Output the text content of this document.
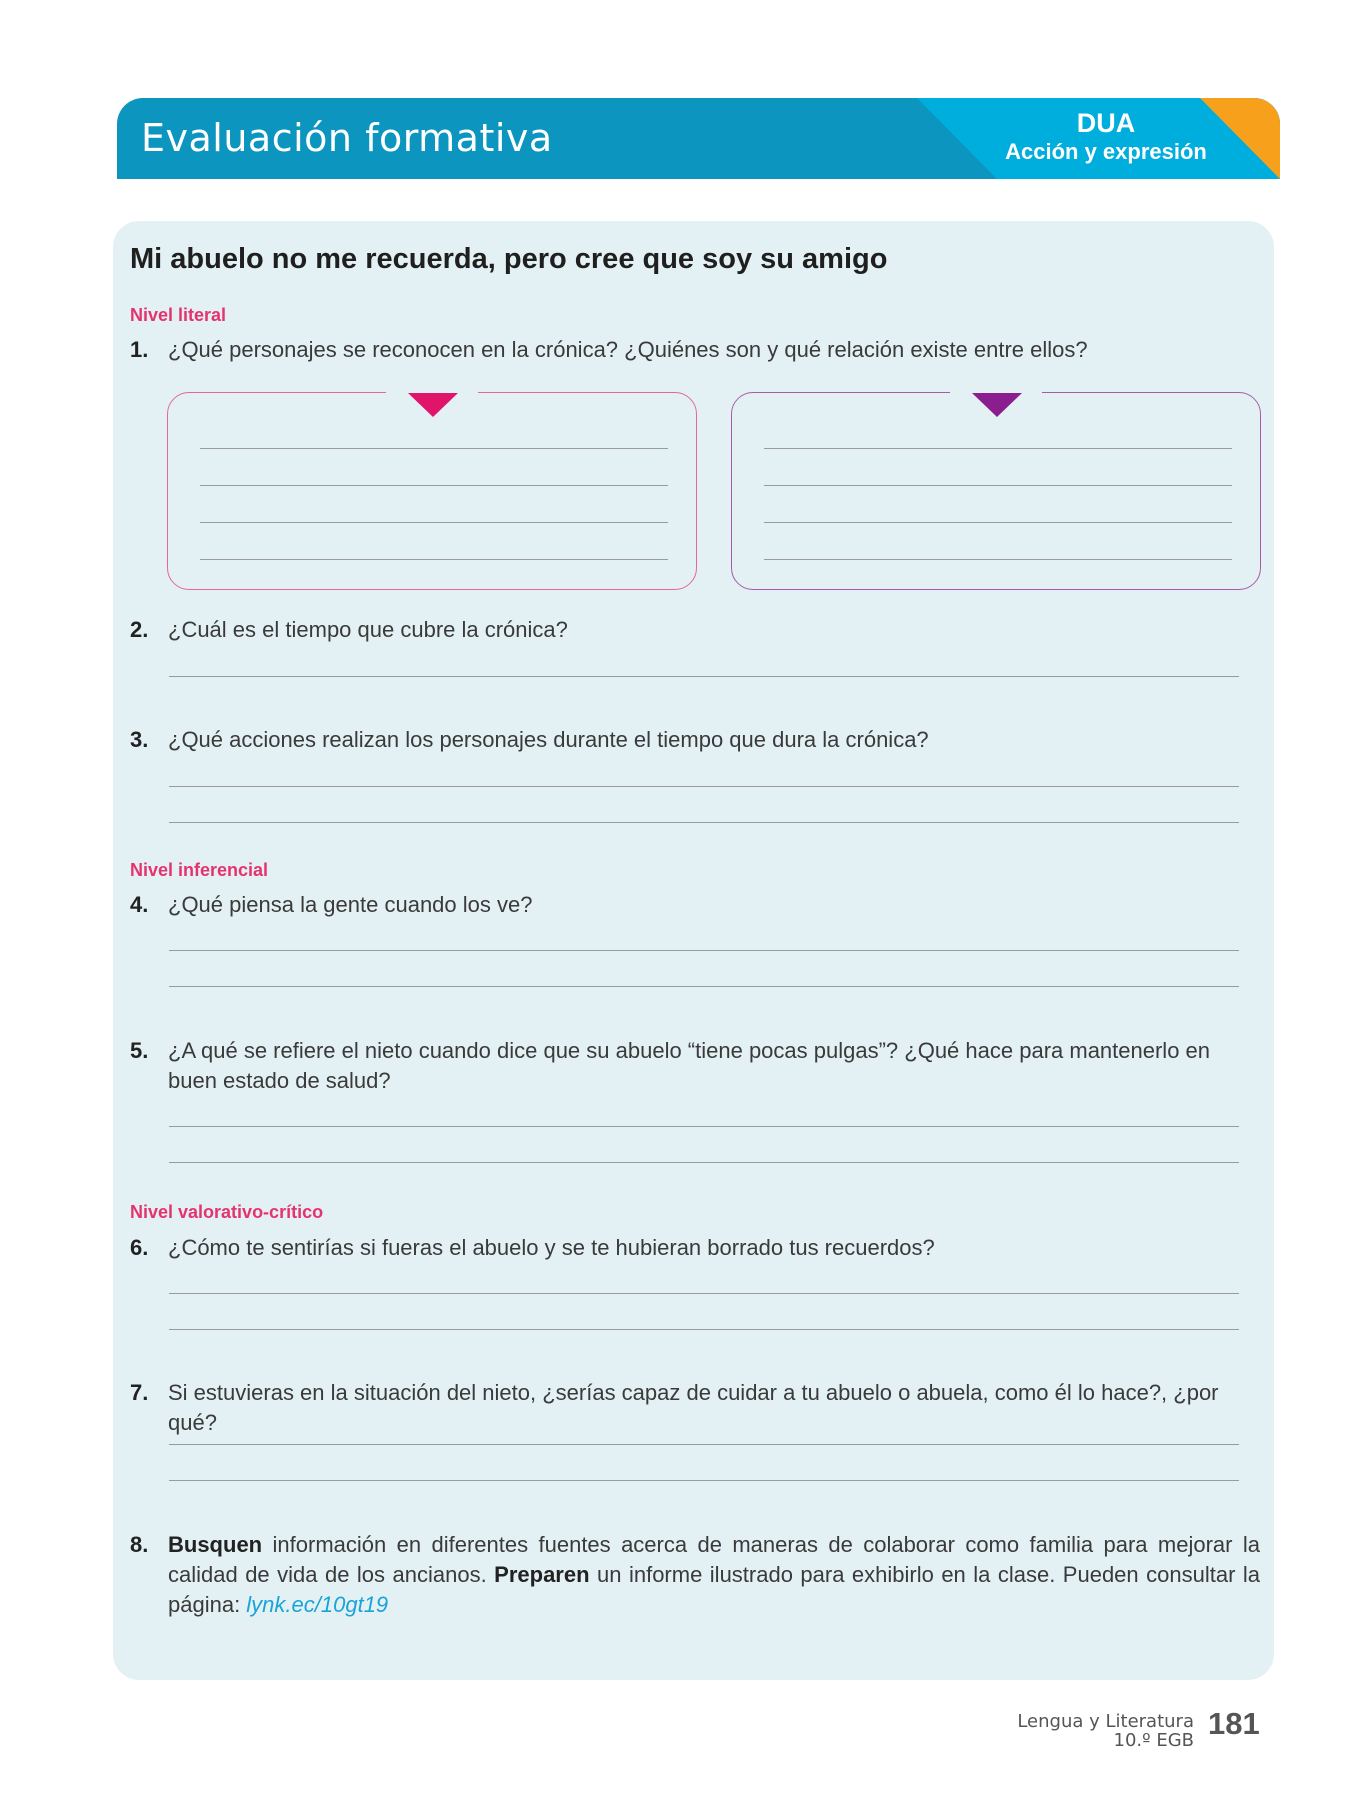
Evaluación formativa	DUA
Acción y expresión
Mi abuelo no me recuerda, pero cree que soy su amigo
Nivel literal
1. ¿Qué personajes se reconocen en la crónica? ¿Quiénes son y qué relación existe entre ellos?
2. ¿Cuál es el tiempo que cubre la crónica?
3. ¿Qué acciones realizan los personajes durante el tiempo que dura la crónica?
Nivel inferencial
4. ¿Qué piensa la gente cuando los ve?
5. ¿A qué se refiere el nieto cuando dice que su abuelo “tiene pocas pulgas”? ¿Qué hace para mantenerlo en buen estado de salud?
Nivel valorativo-crítico
6. ¿Cómo te sentirías si fueras el abuelo y se te hubieran borrado tus recuerdos?
7. Si estuvieras en la situación del nieto, ¿serías capaz de cuidar a tu abuelo o abuela, como él lo hace?, ¿por qué?
8. Busquen información en diferentes fuentes acerca de maneras de colaborar como familia para mejorar la calidad de vida de los ancianos. Preparen un informe ilustrado para exhibirlo en la clase. Pueden consultar la página: lynk.ec/10gt19
Lengua y Literatura
10.º EGB 181
